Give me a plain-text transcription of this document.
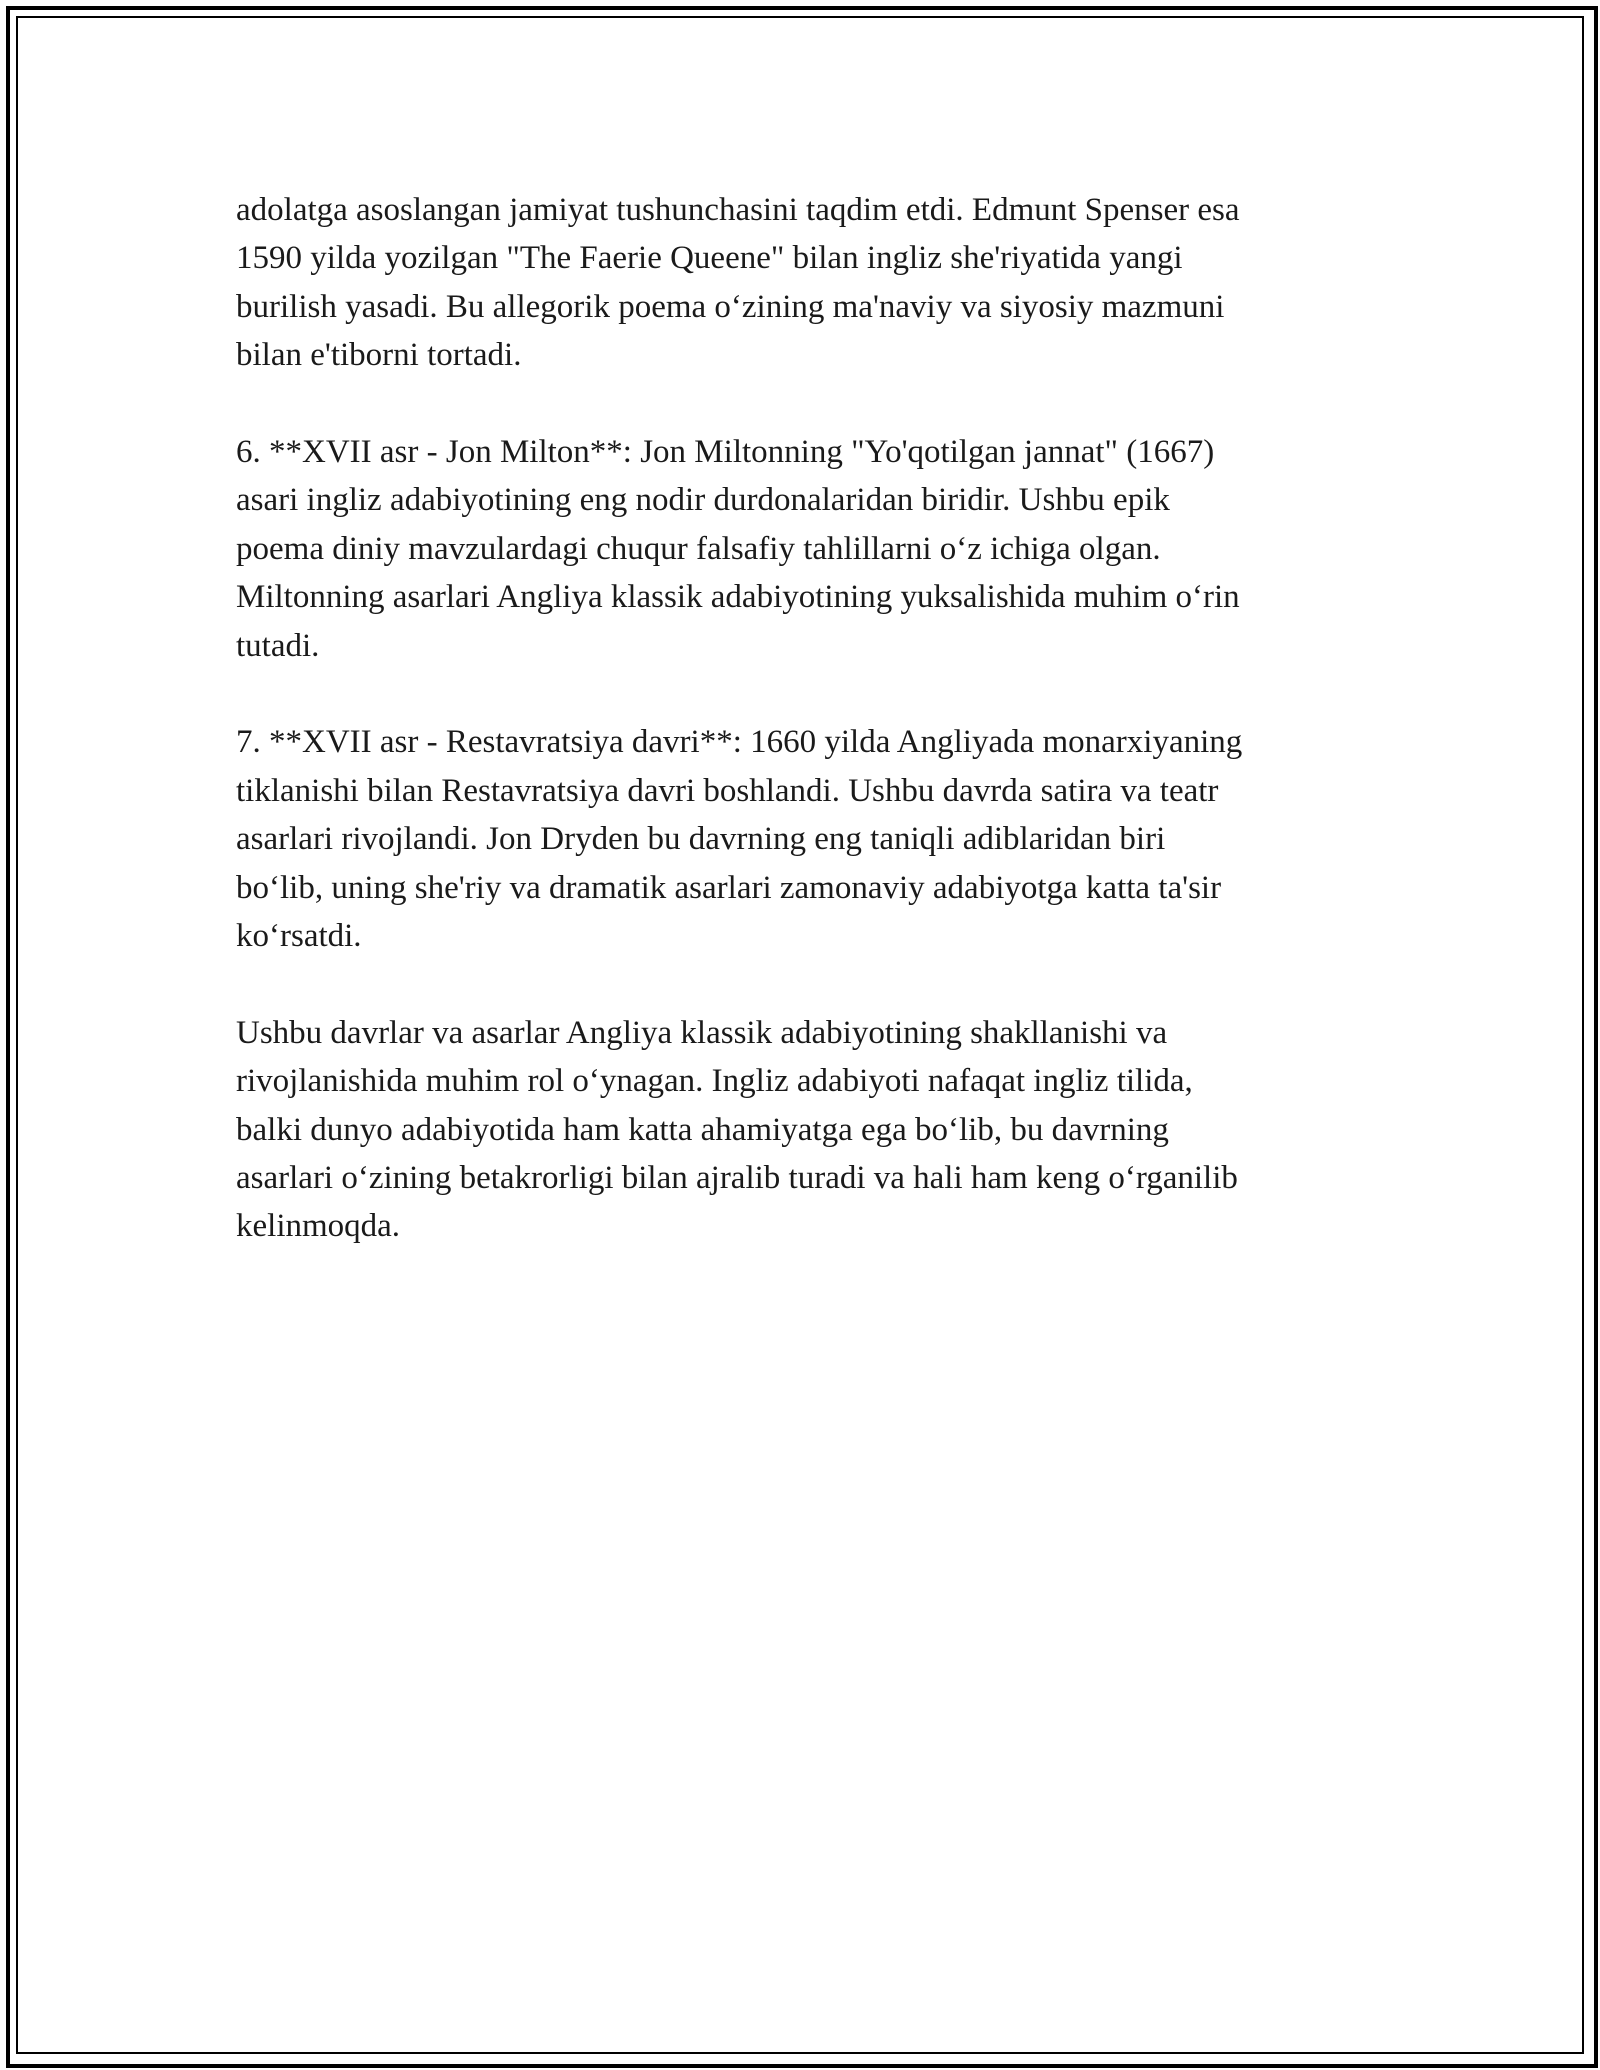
adolatga asoslangan jamiyat tushunchasini taqdim etdi. Edmunt Spenser esa
1590 yilda yozilgan "The Faerie Queene" bilan ingliz she'riyatida yangi
burilish yasadi. Bu allegorik poema oʻzining ma'naviy va siyosiy mazmuni
bilan e'tiborni tortadi.

6. **XVII asr - Jon Milton**: Jon Miltonning "Yo'qotilgan jannat" (1667)
asari ingliz adabiyotining eng nodir durdonalaridan biridir. Ushbu epik
poema diniy mavzulardagi chuqur falsafiy tahlillarni oʻz ichiga olgan.
Miltonning asarlari Angliya klassik adabiyotining yuksalishida muhim oʻrin
tutadi.

7. **XVII asr - Restavratsiya davri**: 1660 yilda Angliyada monarxiyaning
tiklanishi bilan Restavratsiya davri boshlandi. Ushbu davrda satira va teatr
asarlari rivojlandi. Jon Dryden bu davrning eng taniqli adiblaridan biri
boʻlib, uning she'riy va dramatik asarlari zamonaviy adabiyotga katta ta'sir
koʻrsatdi.

Ushbu davrlar va asarlar Angliya klassik adabiyotining shakllanishi va
rivojlanishida muhim rol oʻynagan. Ingliz adabiyoti nafaqat ingliz tilida,
balki dunyo adabiyotida ham katta ahamiyatga ega boʻlib, bu davrning
asarlari oʻzining betakrorligi bilan ajralib turadi va hali ham keng oʻrganilib
kelinmoqda.
